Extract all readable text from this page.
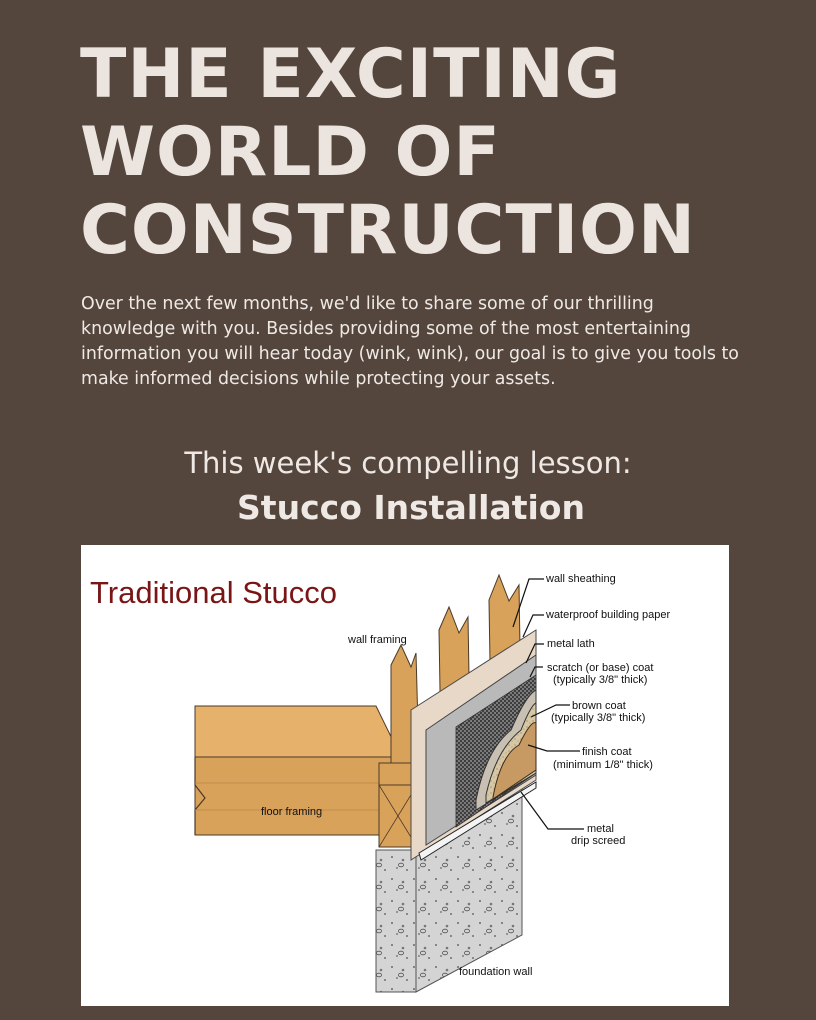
THE EXCITING
WORLD OF
CONSTRUCTION

Over the next few months, we'd like to share some of our thrilling knowledge with you. Besides providing some of the most entertaining information you will hear today (wink, wink), our goal is to give you tools to make informed decisions while protecting your assets.

This week's compelling lesson:
Stucco Installation
Traditional Stucco	wall sheathing
waterproof building paper
metal lath
scratch (or base) coat
(typically 3/8" thick)
brown coat
(typically 3/8" thick)
finish coat
(minimum 1/8" thick)
metal
drip screed
wall framing
floor framing
foundation wall
